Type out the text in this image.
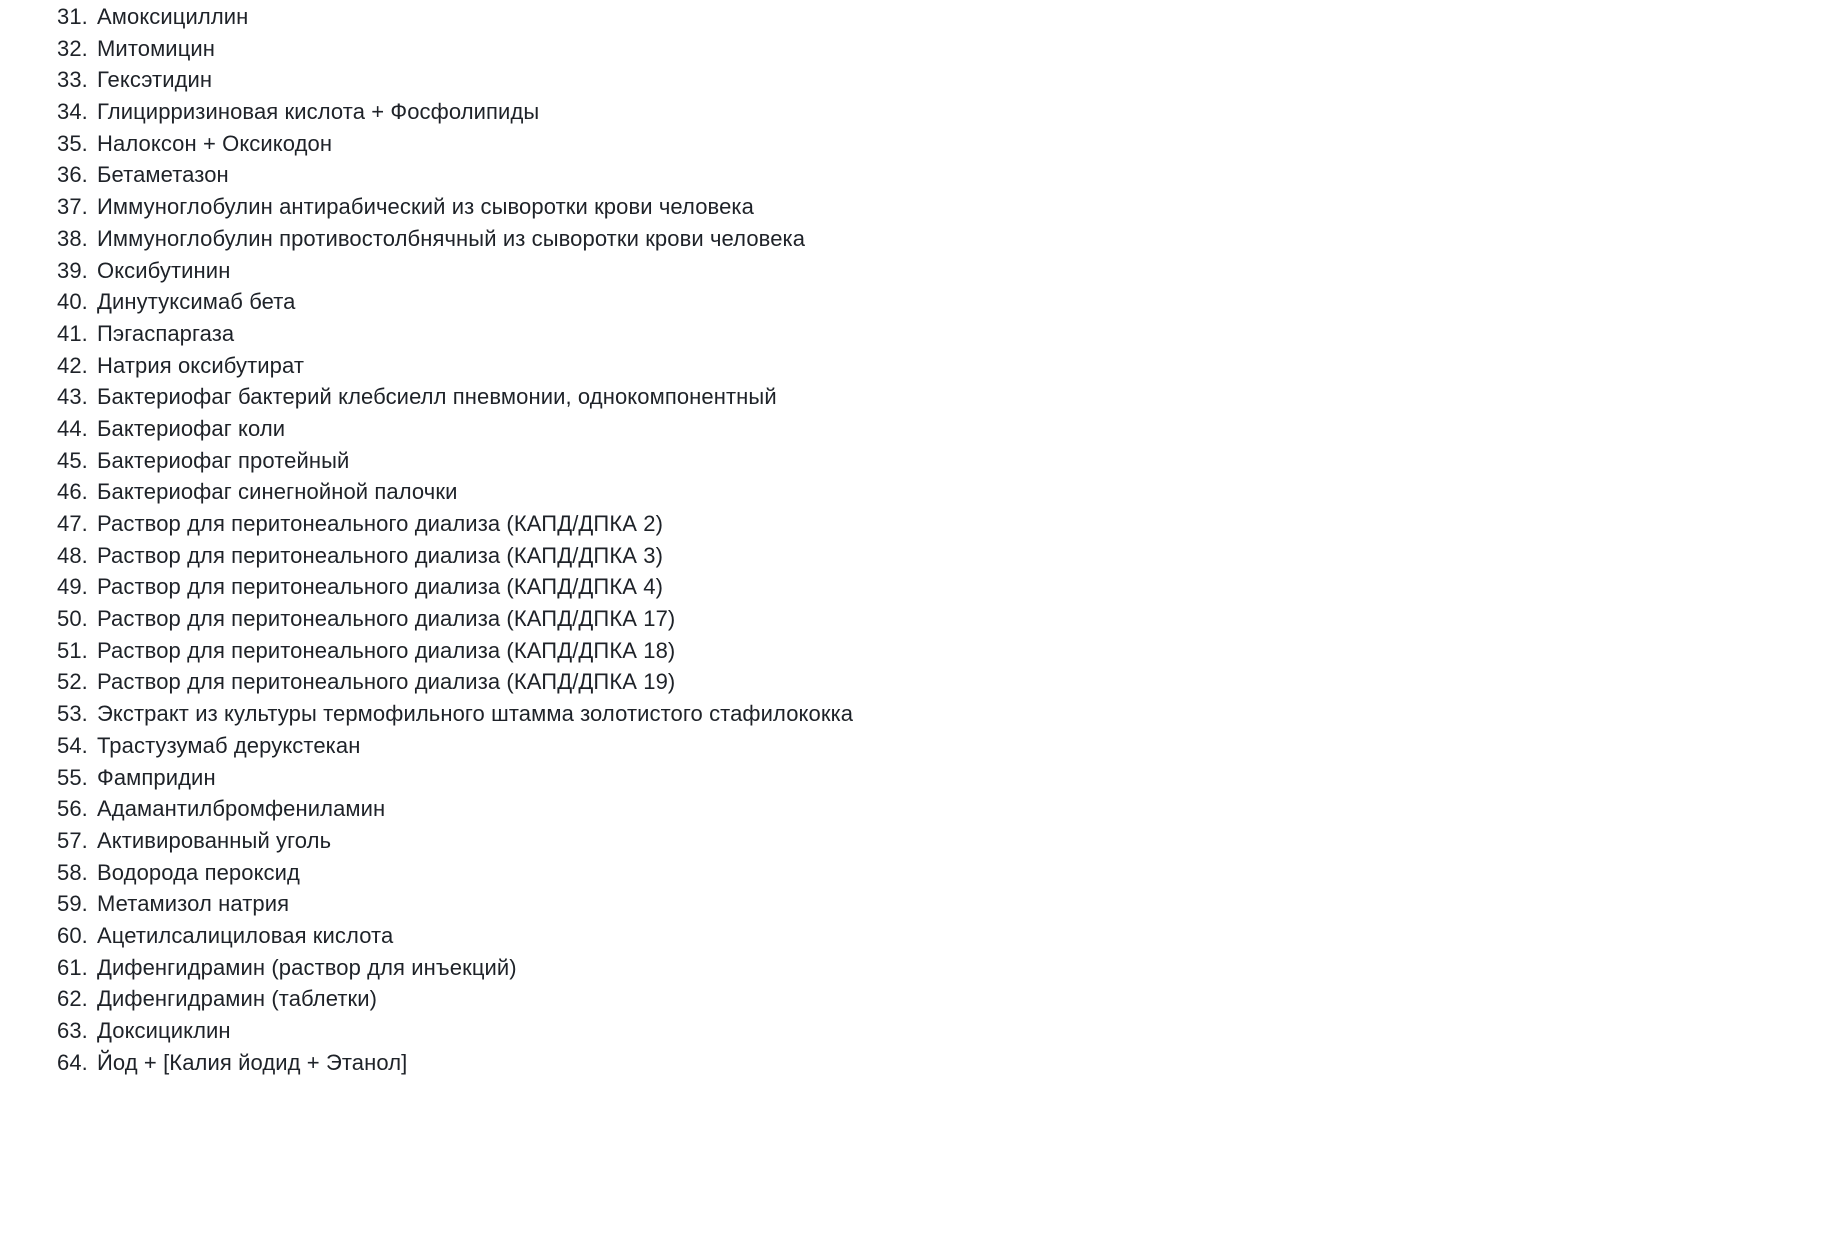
31. Амоксициллин
32. Митомицин
33. Гексэтидин
34. Глицирризиновая кислота + Фосфолипиды
35. Налоксон + Оксикодон
36. Бетаметазон
37. Иммуноглобулин антирабический из сыворотки крови человека
38. Иммуноглобулин противостолбнячный из сыворотки крови человека
39. Оксибутинин
40. Динутуксимаб бета
41. Пэгаспаргаза
42. Натрия оксибутират
43. Бактериофаг бактерий клебсиелл пневмонии, однокомпонентный
44. Бактериофаг коли
45. Бактериофаг протейный
46. Бактериофаг синегнойной палочки
47. Раствор для перитонеального диализа (КАПД/ДПКА 2)
48. Раствор для перитонеального диализа (КАПД/ДПКА 3)
49. Раствор для перитонеального диализа (КАПД/ДПКА 4)
50. Раствор для перитонеального диализа (КАПД/ДПКА 17)
51. Раствор для перитонеального диализа (КАПД/ДПКА 18)
52. Раствор для перитонеального диализа (КАПД/ДПКА 19)
53. Экстракт из культуры термофильного штамма золотистого стафилококка
54. Трастузумаб дерукстекан
55. Фампридин
56. Адамантилбромфениламин
57. Активированный уголь
58. Водорода пероксид
59. Метамизол натрия
60. Ацетилсалициловая кислота
61. Дифенгидрамин (раствор для инъекций)
62. Дифенгидрамин (таблетки)
63. Доксициклин
64. Йод + [Калия йодид + Этанол]
